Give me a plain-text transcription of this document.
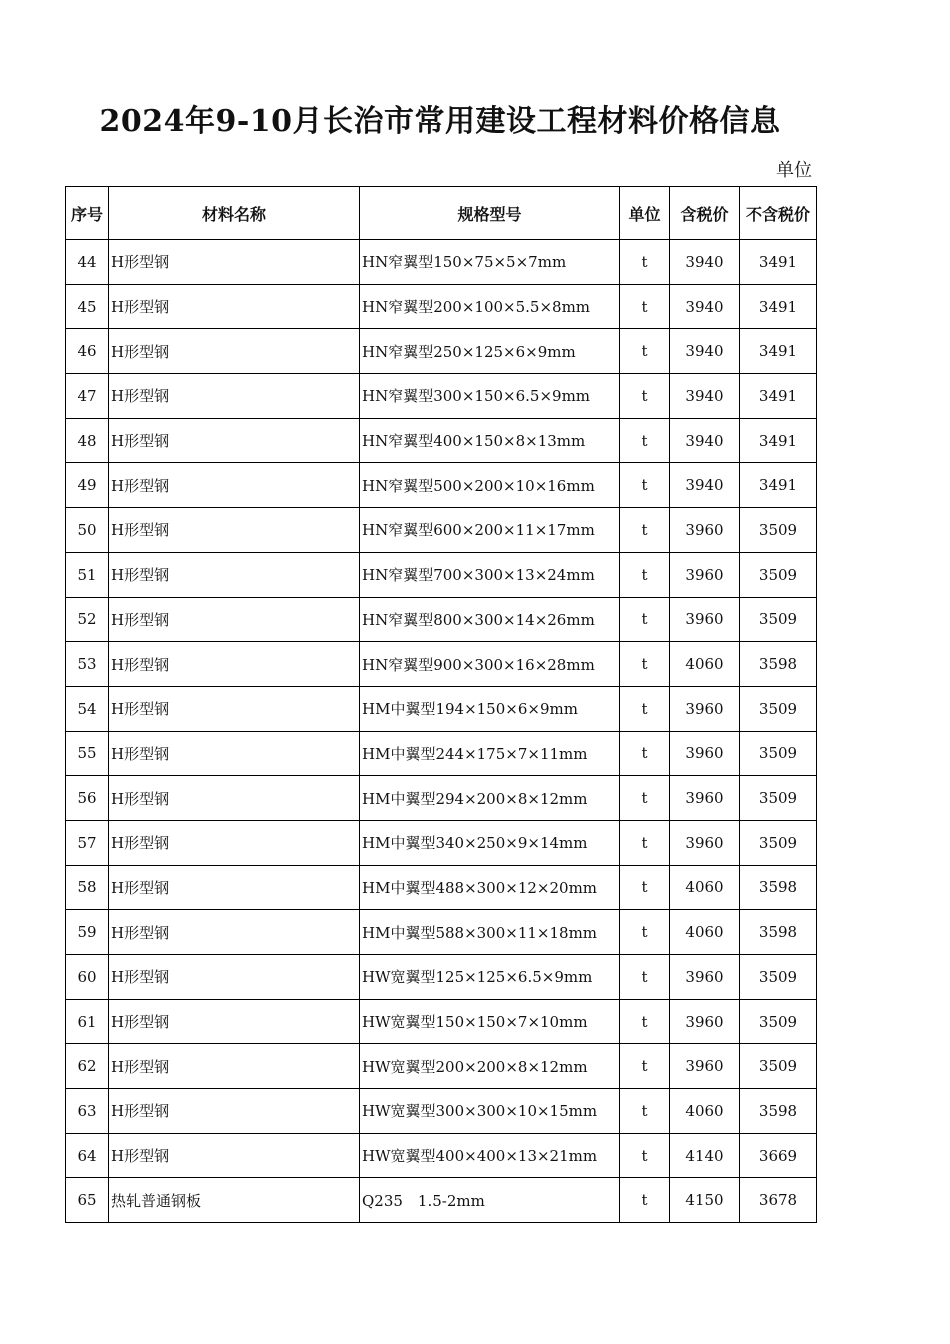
2024年9-10月长治市常用建设工程材料价格信息
单位
序号	材料名称	规格型号	单位	含税价	不含税价
44	H形型钢	HN窄翼型150×75×5×7mm	t	3940	3491
45	H形型钢	HN窄翼型200×100×5.5×8mm	t	3940	3491
46	H形型钢	HN窄翼型250×125×6×9mm	t	3940	3491
47	H形型钢	HN窄翼型300×150×6.5×9mm	t	3940	3491
48	H形型钢	HN窄翼型400×150×8×13mm	t	3940	3491
49	H形型钢	HN窄翼型500×200×10×16mm	t	3940	3491
50	H形型钢	HN窄翼型600×200×11×17mm	t	3960	3509
51	H形型钢	HN窄翼型700×300×13×24mm	t	3960	3509
52	H形型钢	HN窄翼型800×300×14×26mm	t	3960	3509
53	H形型钢	HN窄翼型900×300×16×28mm	t	4060	3598
54	H形型钢	HM中翼型194×150×6×9mm	t	3960	3509
55	H形型钢	HM中翼型244×175×7×11mm	t	3960	3509
56	H形型钢	HM中翼型294×200×8×12mm	t	3960	3509
57	H形型钢	HM中翼型340×250×9×14mm	t	3960	3509
58	H形型钢	HM中翼型488×300×12×20mm	t	4060	3598
59	H形型钢	HM中翼型588×300×11×18mm	t	4060	3598
60	H形型钢	HW宽翼型125×125×6.5×9mm	t	3960	3509
61	H形型钢	HW宽翼型150×150×7×10mm	t	3960	3509
62	H形型钢	HW宽翼型200×200×8×12mm	t	3960	3509
63	H形型钢	HW宽翼型300×300×10×15mm	t	4060	3598
64	H形型钢	HW宽翼型400×400×13×21mm	t	4140	3669
65	热轧普通钢板	Q235　1.5-2mm	t	4150	3678
